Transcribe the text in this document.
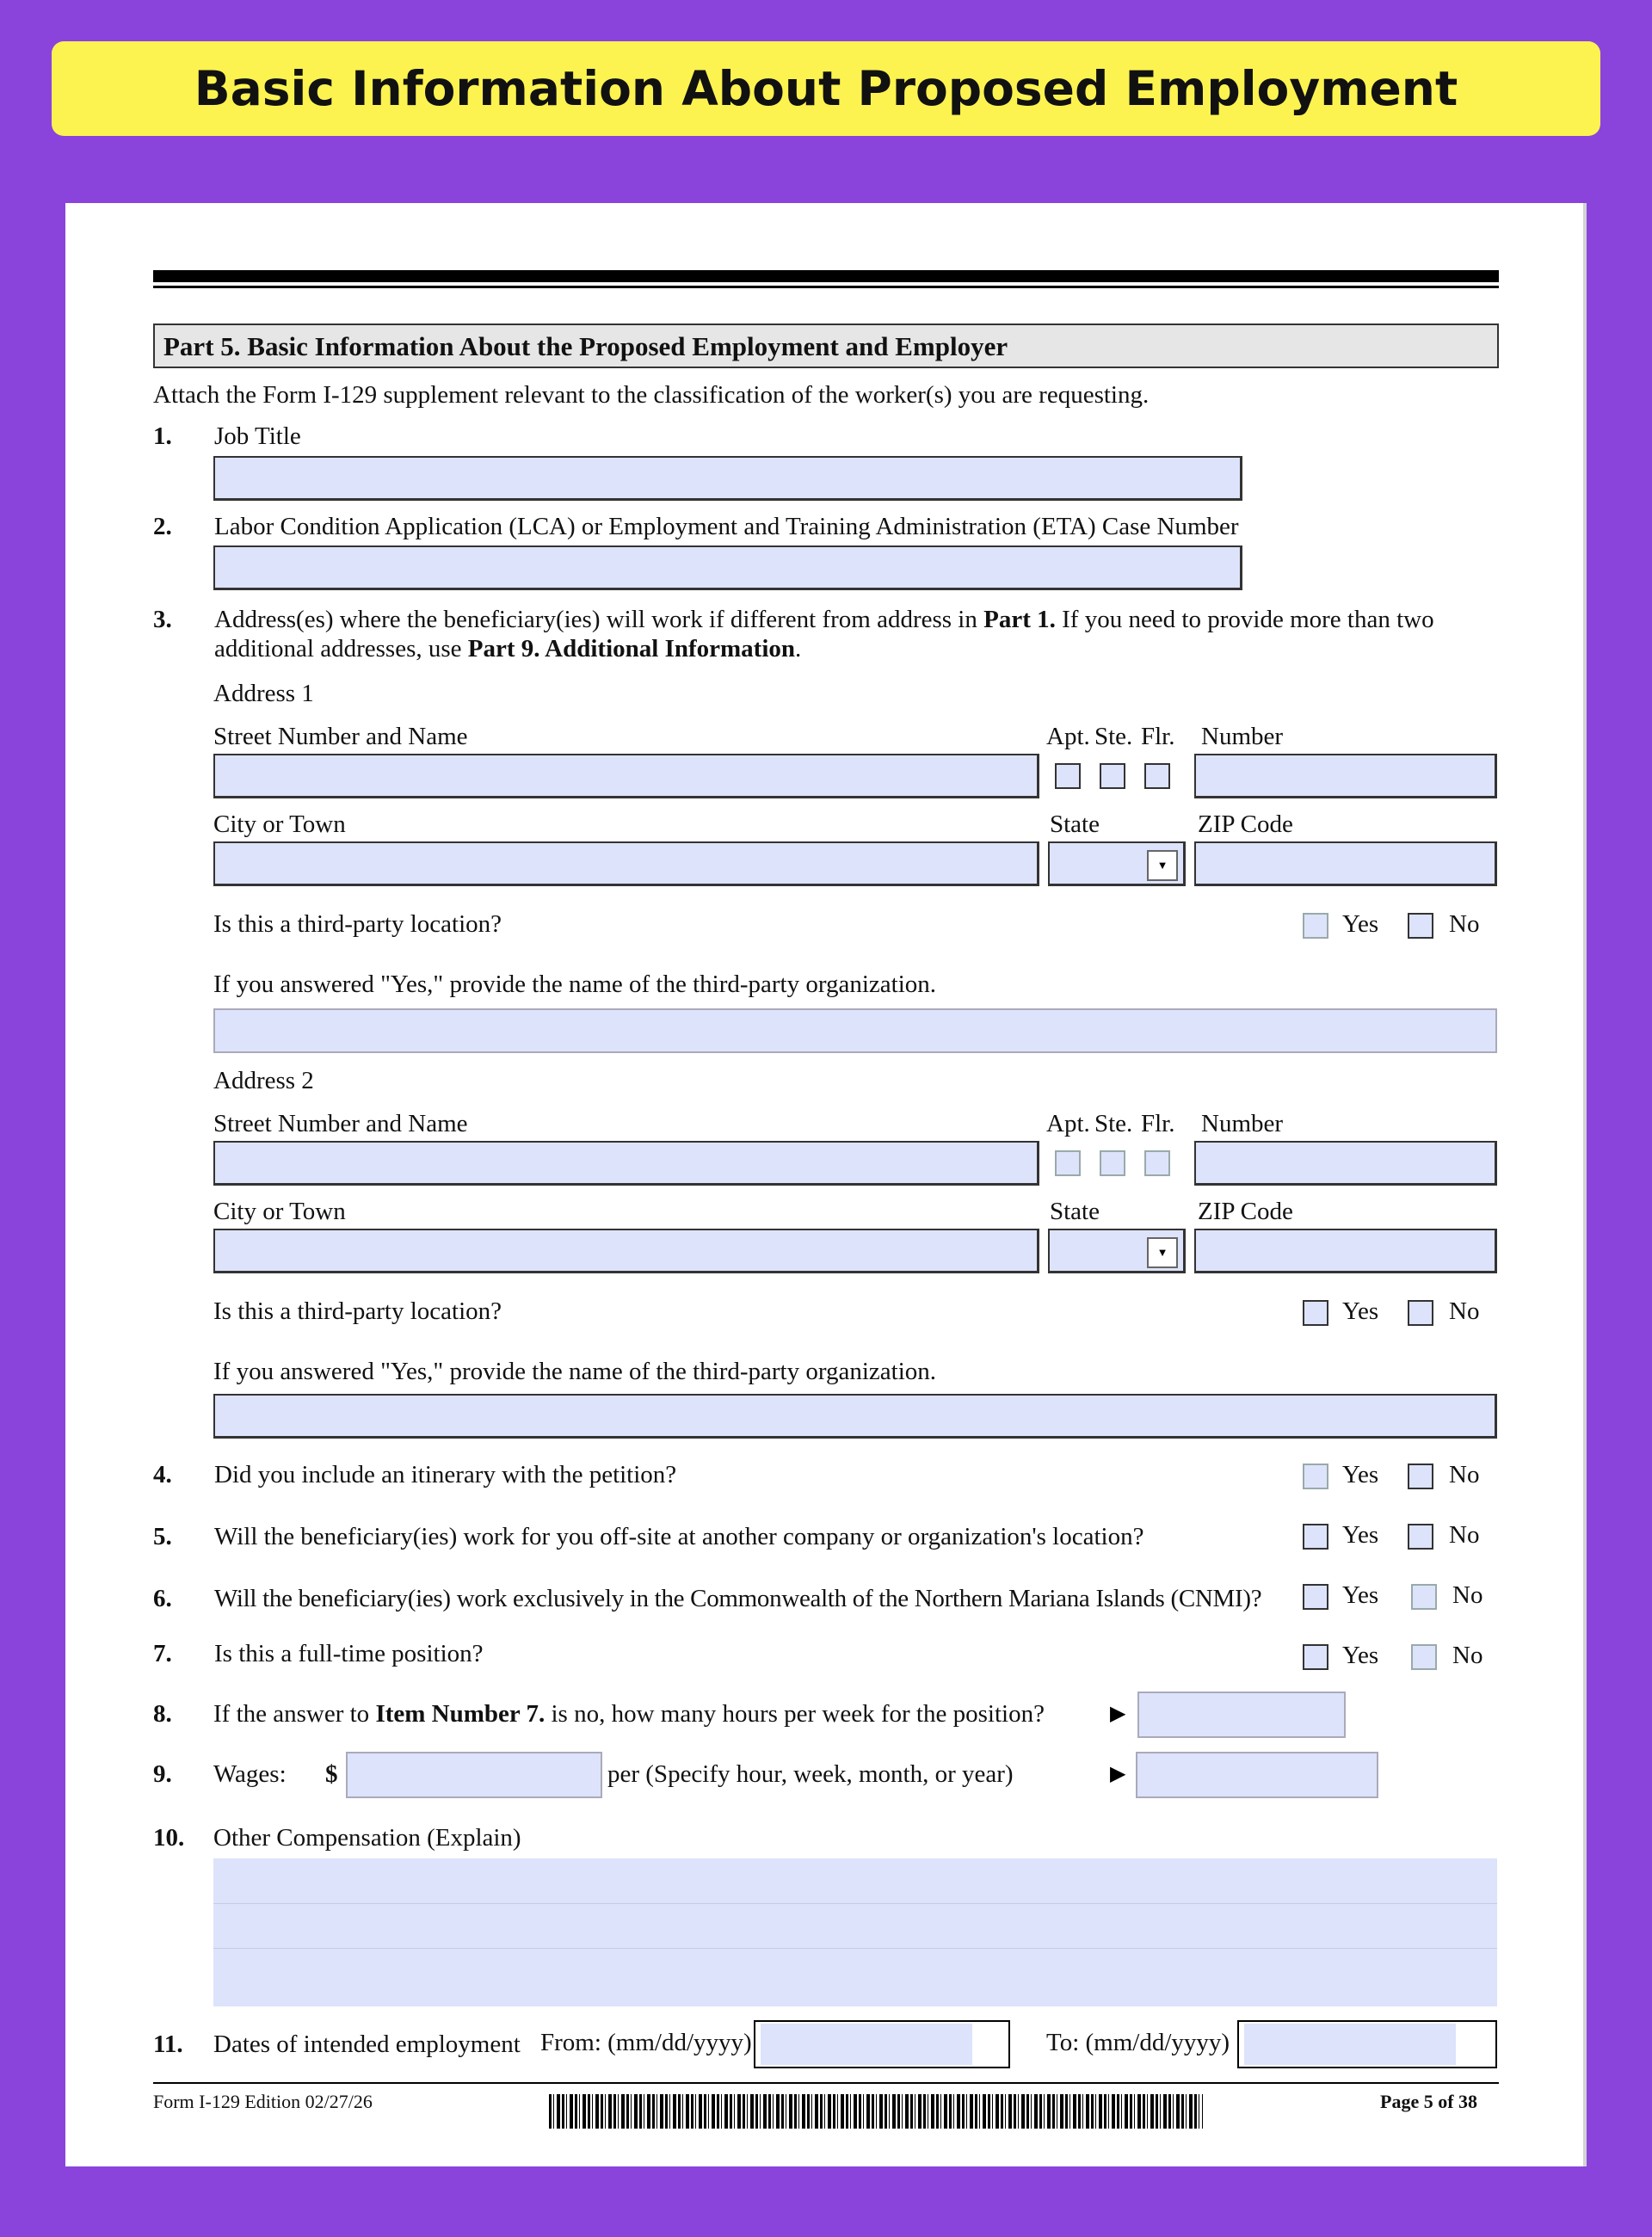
Basic Information About Proposed Employment
Part 5. Basic Information About the Proposed Employment and Employer
Attach the Form I-129 supplement relevant to the classification of the worker(s) you are requesting.
1. Job Title
2. Labor Condition Application (LCA) or Employment and Training Administration (ETA) Case Number
3. Address(es) where the beneficiary(ies) will work if different from address in Part 1. If you need to provide more than two
additional addresses, use Part 9. Additional Information.
Address 1
Street Number and Name	Apt. Ste. Flr. Number
City or Town	State	ZIP Code
▼
Is this a third-party location?	Yes	No
If you answered "Yes," provide the name of the third-party organization.
Address 2
Street Number and Name	Apt. Ste. Flr. Number
City or Town	State	ZIP Code
▼
Is this a third-party location?	Yes	No
If you answered "Yes," provide the name of the third-party organization.
4. Did you include an itinerary with the petition?	Yes	No
5. Will the beneficiary(ies) work for you off-site at another company or organization's location?	Yes	No
6. Will the beneficiary(ies) work exclusively in the Commonwealth of the Northern Mariana Islands (CNMI)?	Yes	No
7. Is this a full-time position?	Yes	No
8. If the answer to Item Number 7. is no, how many hours per week for the position?	▶
9. Wages: $	per (Specify hour, week, month, or year)	▶
10. Other Compensation (Explain)
11. Dates of intended employment From: (mm/dd/yyyy)	To: (mm/dd/yyyy)
Form I-129 Edition 02/27/26	Page 5 of 38
